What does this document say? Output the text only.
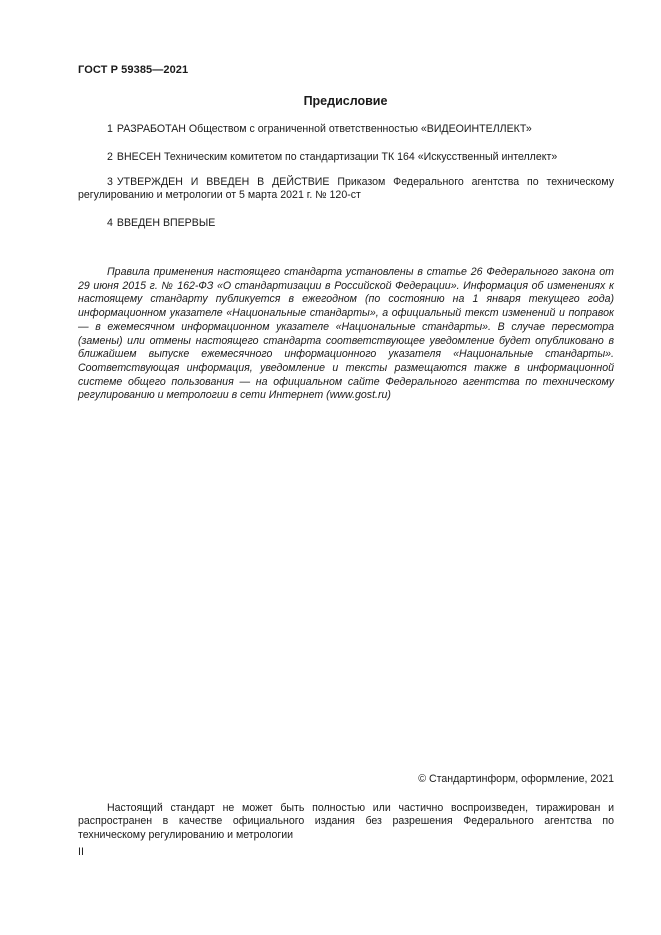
ГОСТ Р 59385—2021
Предисловие
1 РАЗРАБОТАН Обществом с ограниченной ответственностью «ВИДЕОИНТЕЛЛЕКТ»
2 ВНЕСЕН Техническим комитетом по стандартизации ТК 164 «Искусственный интеллект»
3 УТВЕРЖДЕН И ВВЕДЕН В ДЕЙСТВИЕ Приказом Федерального агентства по техническому регулированию и метрологии от 5 марта 2021 г. № 120-ст
4 ВВЕДЕН ВПЕРВЫЕ
Правила применения настоящего стандарта установлены в статье 26 Федерального закона от 29 июня 2015 г. № 162-ФЗ «О стандартизации в Российской Федерации». Информация об изменениях к настоящему стандарту публикуется в ежегодном (по состоянию на 1 января текущего года) информационном указателе «Национальные стандарты», а официальный текст изменений и поправок — в ежемесячном информационном указателе «Национальные стандарты». В случае пересмотра (замены) или отмены настоящего стандарта соответствующее уведомление будет опубликовано в ближайшем выпуске ежемесячного информационного указателя «Национальные стандарты». Соответствующая информация, уведомление и тексты размещаются также в информационной системе общего пользования — на официальном сайте Федерального агентства по техническому регулированию и метрологии в сети Интернет (www.gost.ru)
© Стандартинформ, оформление, 2021
Настоящий стандарт не может быть полностью или частично воспроизведен, тиражирован и распространен в качестве официального издания без разрешения Федерального агентства по техническому регулированию и метрологии
II
